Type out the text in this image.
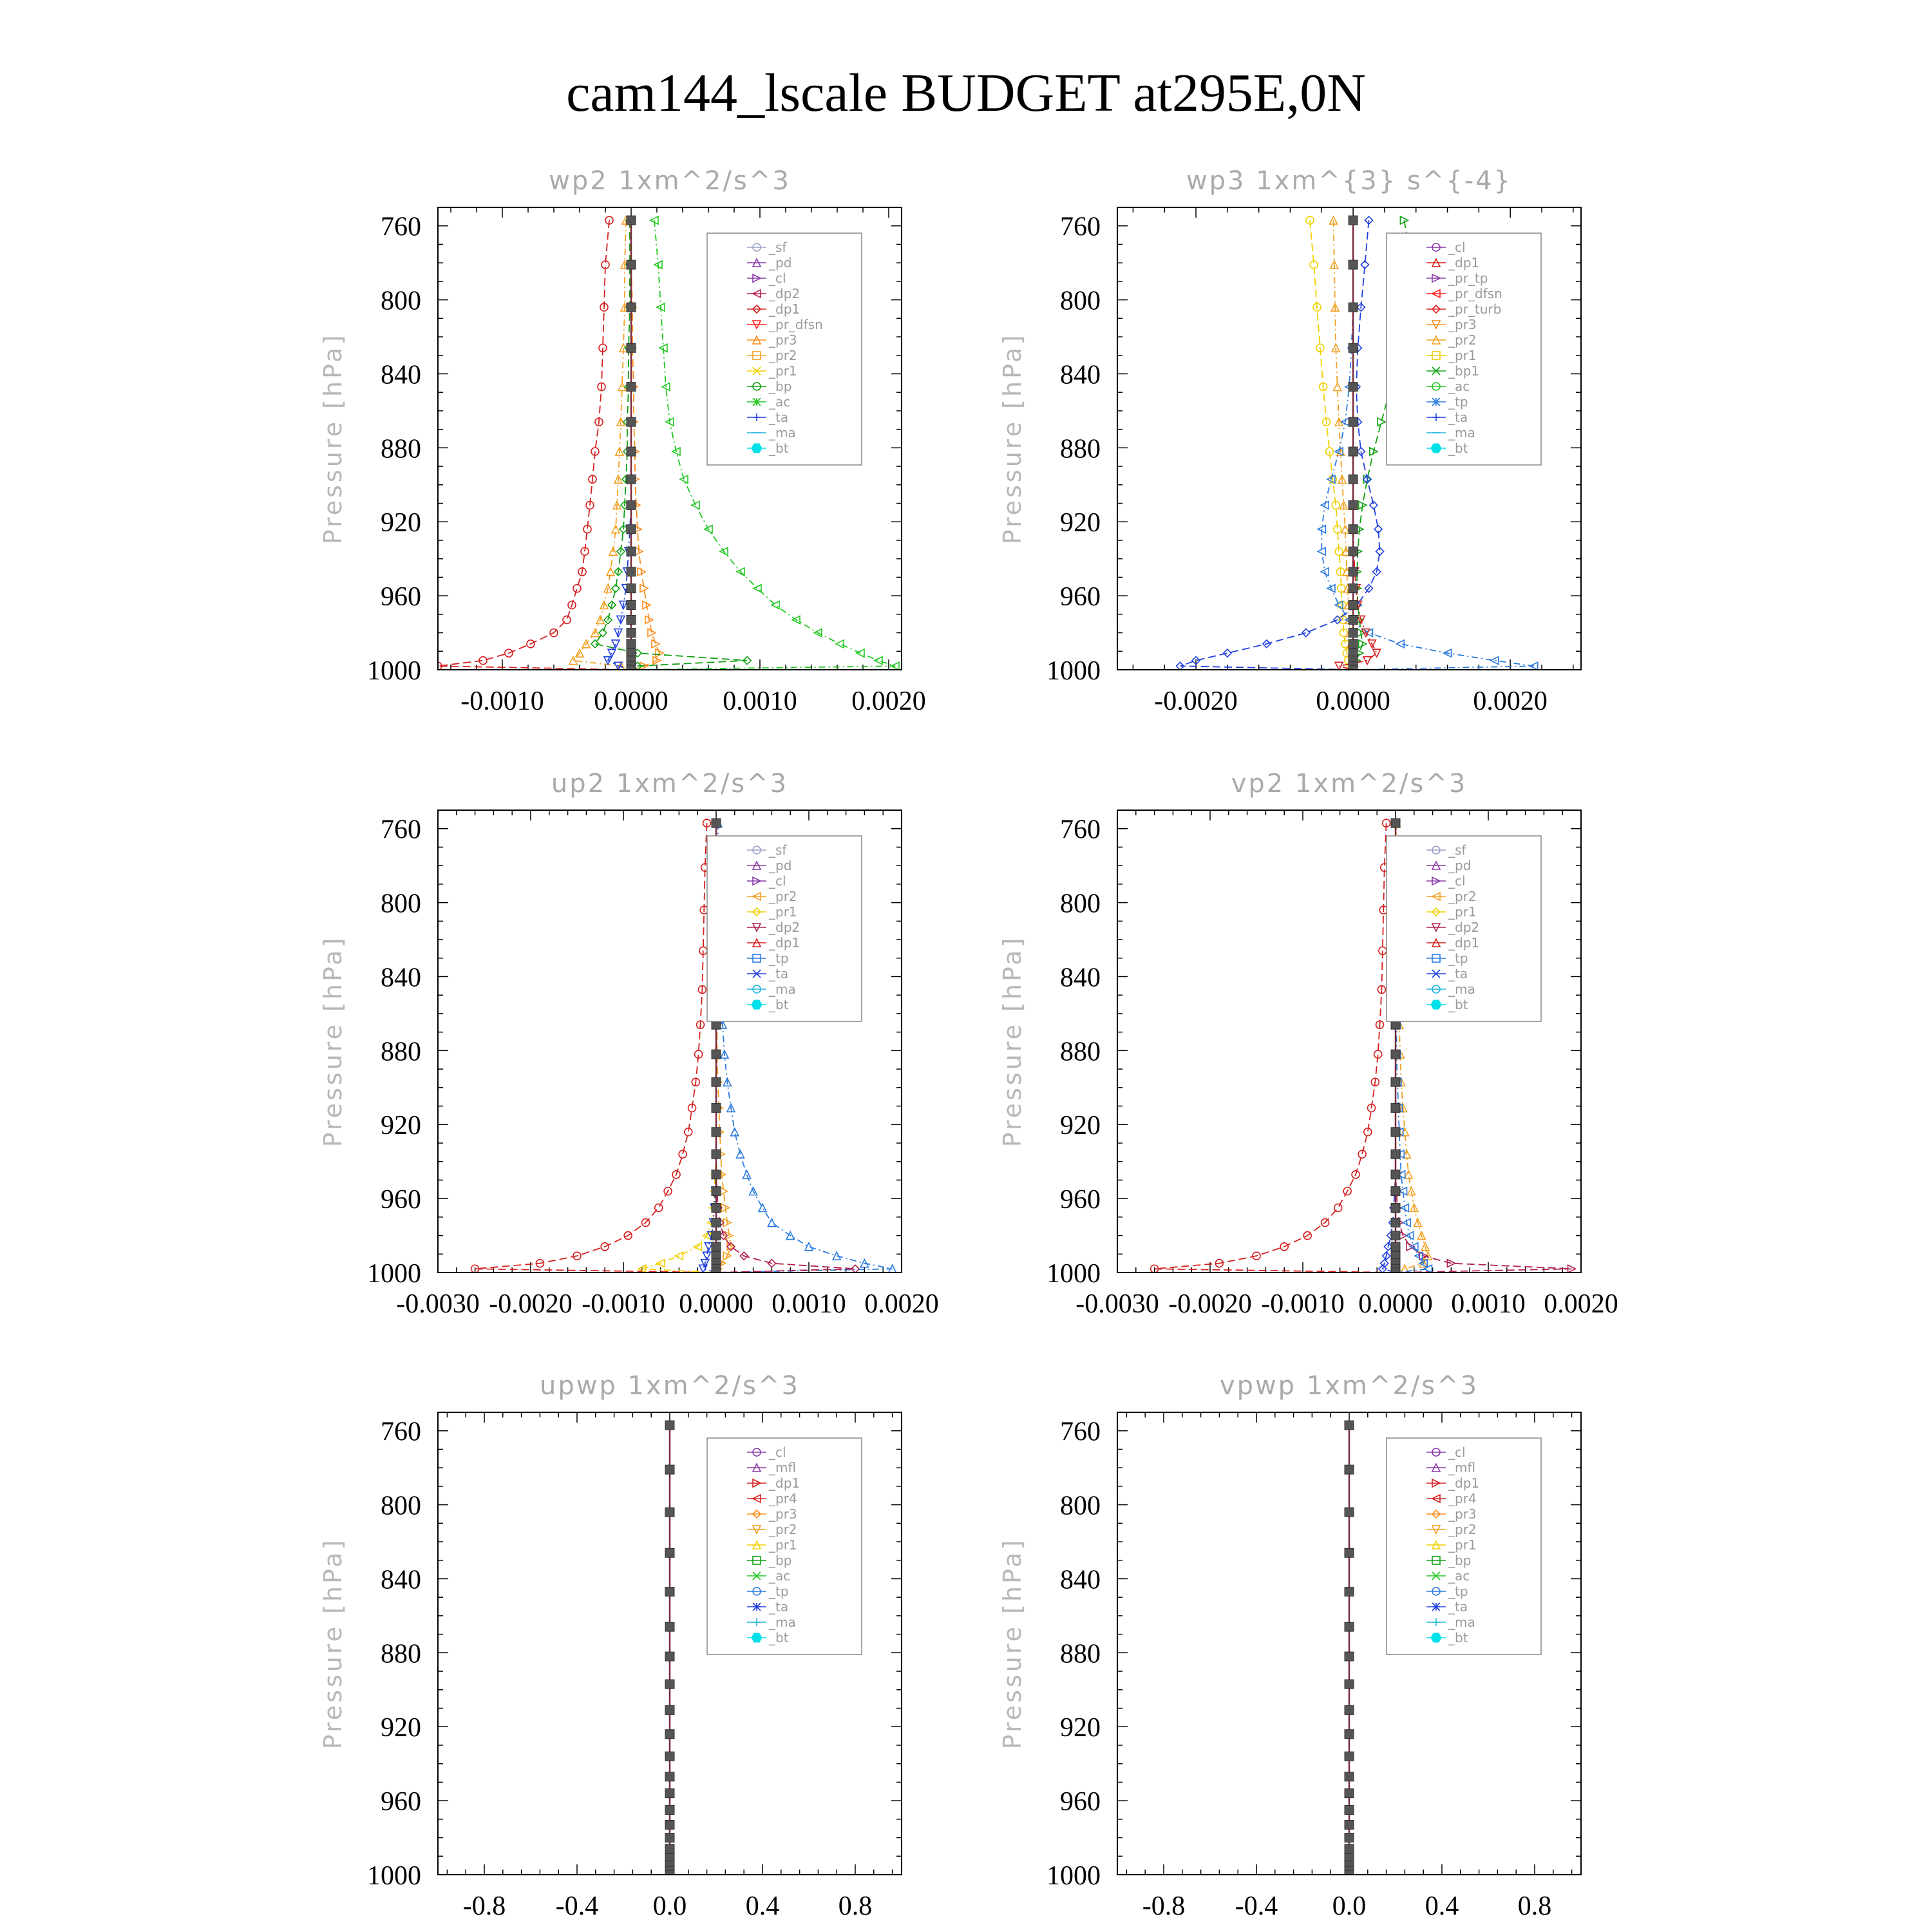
cam144_lscale BUDGET at295E,0N
wp2 1xm^2/s^3
Pressure [hPa]
-0.0010 0.0000 0.0010 0.0020
760
800
840
880
920
960
1000
_sf
_pd
_cl
_dp2
_dp1
_pr_dfsn
_pr3
_pr2
_pr1
_bp
_ac
_ta
_ma
_bt
wp3 1xm^{3} s^{-4}
Pressure [hPa]
-0.0020	0.0000	0.0020
760
800
840
880
920
960
1000
_cl
_dp1
_pr_tp
_pr_dfsn
_pr_turb
_pr3
_pr2
_pr1
_bp1
_ac
_tp
_ta
_ma
_bt
up2 1xm^2/s^3
Pressure [hPa]
-0.0030 -0.0020 -0.0010 0.0000 0.0010 0.0020
760
800
840
880
920
960
1000
_sf
_pd
_cl
_pr2
_pr1
_dp2
_dp1
_tp
_ta
_ma
_bt
vp2 1xm^2/s^3
Pressure [hPa]
-0.0030 -0.0020 -0.0010 0.0000 0.0010 0.0020
760
800
840
880
920
960
1000
_sf
_pd
_cl
_pr2
_pr1
_dp2
_dp1
_tp
_ta
_ma
_bt
upwp 1xm^2/s^3
Pressure [hPa]
-0.8 -0.4 0.0 0.4 0.8
760
800
840
880
920
960
1000
_cl
_mfl
_dp1
_pr4
_pr3
_pr2
_pr1
_bp
_ac
_tp
_ta
_ma
_bt
vpwp 1xm^2/s^3
Pressure [hPa]
-0.8 -0.4 0.0 0.4 0.8
760
800
840
880
920
960
1000
_cl
_mfl
_dp1
_pr4
_pr3
_pr2
_pr1
_bp
_ac
_tp
_ta
_ma
_bt
